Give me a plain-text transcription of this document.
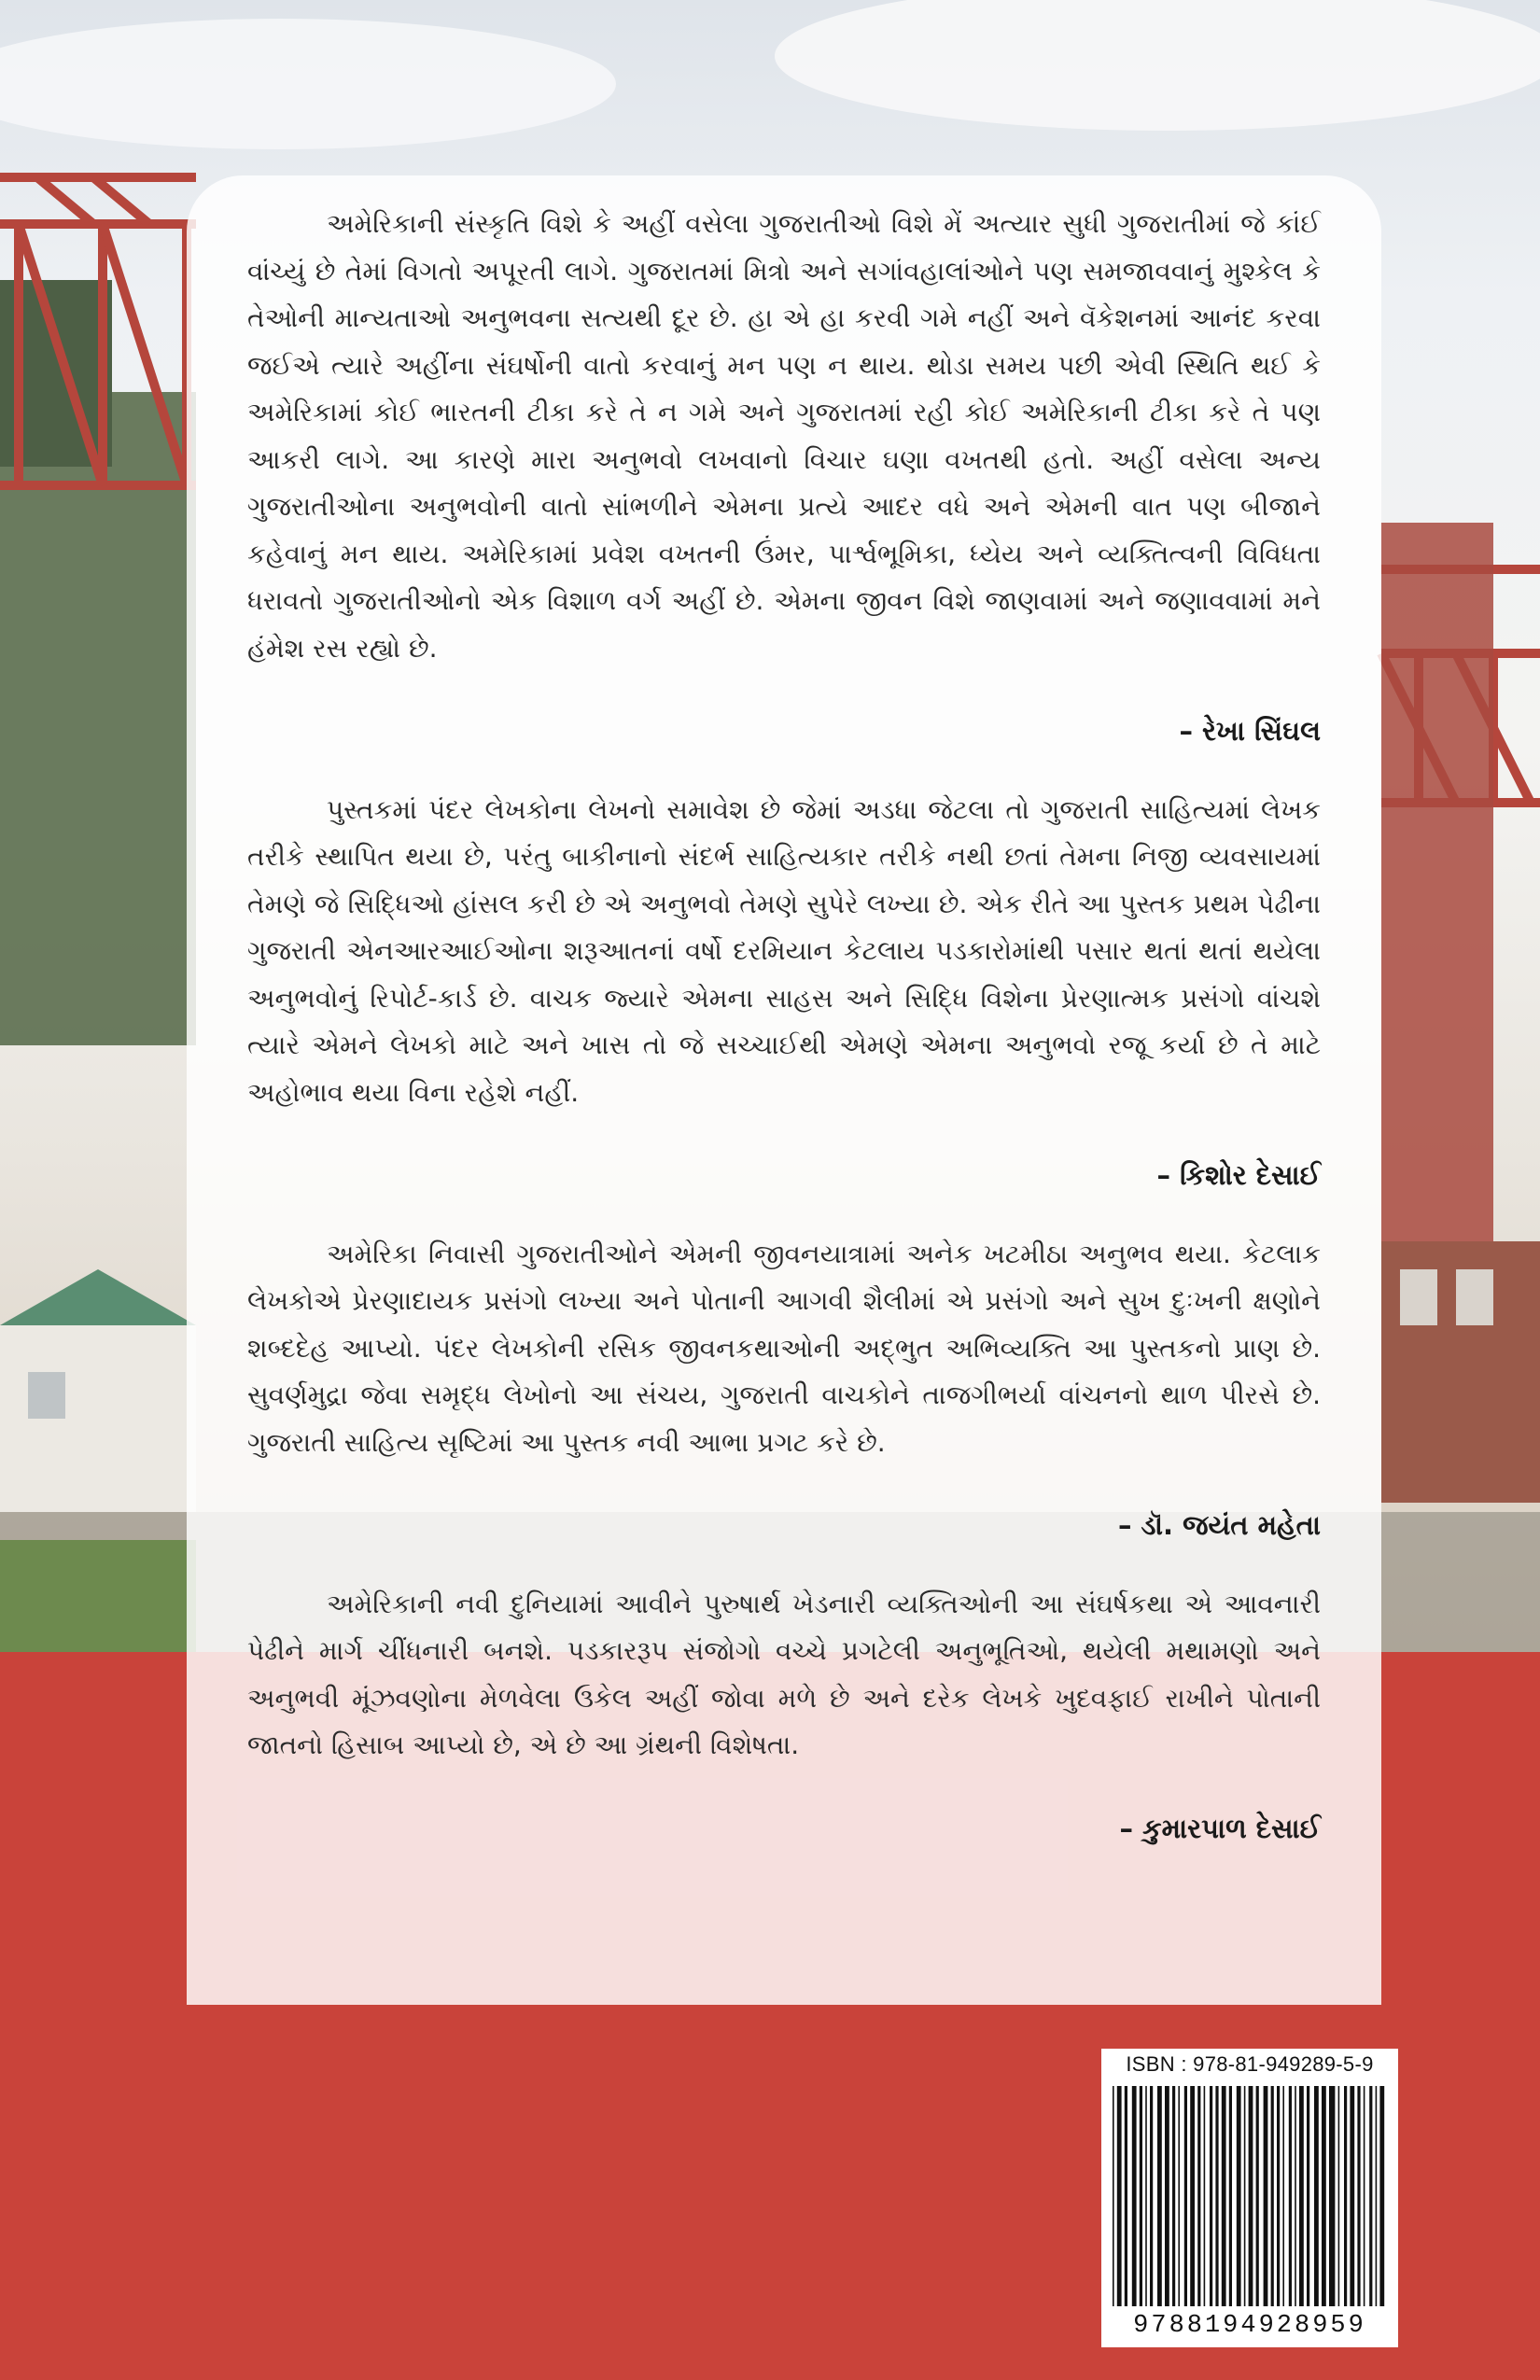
અમેરિકાની સંસ્કૃતિ વિશે કે અહીં વસેલા ગુજરાતીઓ વિશે મેં અત્યાર સુધી ગુજરાતીમાં જે કાંઈ વાંચ્યું છે તેમાં વિગતો અપૂરતી લાગે. ગુજરાતમાં મિત્રો અને સગાંવહાલાંઓને પણ સમજાવવાનું મુશ્કેલ કે તેઓની માન્યતાઓ અનુભવના સત્યથી દૂર છે. હા એ હા કરવી ગમે નહીં અને વૅકેશનમાં આનંદ કરવા જઈએ ત્યારે અહીંના સંઘર્ષોની વાતો કરવાનું મન પણ ન થાય. થોડા સમય પછી એવી સ્થિતિ થઈ કે અમેરિકામાં કોઈ ભારતની ટીકા કરે તે ન ગમે અને ગુજરાતમાં રહી કોઈ અમેરિકાની ટીકા કરે તે પણ આકરી લાગે. આ કારણે મારા અનુભવો લખવાનો વિચાર ઘણા વખતથી હતો. અહીં વસેલા અન્ય ગુજરાતીઓના અનુભવોની વાતો સાંભળીને એમના પ્રત્યે આદર વધે અને એમની વાત પણ બીજાને કહેવાનું મન થાય. અમેરિકામાં પ્રવેશ વખતની ઉંમર, પાર્શ્વભૂમિકા, ધ્યેય અને વ્યક્તિત્વની વિવિધતા ધરાવતો ગુજરાતીઓનો એક વિશાળ વર્ગ અહીં છે. એમના જીવન વિશે જાણવામાં અને જણાવવામાં મને હંમેશ રસ રહ્યો છે.

– રેખા સિંઘલ

પુસ્તકમાં પંદર લેખકોના લેખનો સમાવેશ છે જેમાં અડધા જેટલા તો ગુજરાતી સાહિત્યમાં લેખક તરીકે સ્થાપિત થયા છે, પરંતુ બાકીનાનો સંદર્ભ સાહિત્યકાર તરીકે નથી છતાં તેમના નિજી વ્યવસાયમાં તેમણે જે સિદ્ધિઓ હાંસલ કરી છે એ અનુભવો તેમણે સુપેરે લખ્યા છે. એક રીતે આ પુસ્તક પ્રથમ પેઢીના ગુજરાતી એનઆરઆઈઓના શરૂઆતનાં વર્ષો દરમિયાન કેટલાય પડકારોમાંથી પસાર થતાં થતાં થયેલા અનુભવોનું રિપોર્ટ-કાર્ડ છે. વાચક જ્યારે એમના સાહસ અને સિદ્ધિ વિશેના પ્રેરણાત્મક પ્રસંગો વાંચશે ત્યારે એમને લેખકો માટે અને ખાસ તો જે સચ્ચાઈથી એમણે એમના અનુભવો રજૂ કર્યા છે તે માટે અહોભાવ થયા વિના રહેશે નહીં.

– કિશોર દેસાઈ

અમેરિકા નિવાસી ગુજરાતીઓને એમની જીવનયાત્રામાં અનેક ખટમીઠા અનુભવ થયા. કેટલાક લેખકોએ પ્રેરણાદાયક પ્રસંગો લખ્યા અને પોતાની આગવી શૈલીમાં એ પ્રસંગો અને સુખ દુઃખની ક્ષણોને શબ્દદેહ આપ્યો. પંદર લેખકોની રસિક જીવનકથાઓની અદ્ભુત અભિવ્યક્તિ આ પુસ્તકનો પ્રાણ છે. સુવર્ણમુદ્રા જેવા સમૃદ્ધ લેખોનો આ સંચય, ગુજરાતી વાચકોને તાજગીભર્યા વાંચનનો થાળ પીરસે છે. ગુજરાતી સાહિત્ય સૃષ્ટિમાં આ પુસ્તક નવી આભા પ્રગટ કરે છે.

– ડૉ. જયંત મહેતા

અમેરિકાની નવી દુનિયામાં આવીને પુરુષાર્થ ખેડનારી વ્યક્તિઓની આ સંઘર્ષકથા એ આવનારી પેઢીને માર્ગ ચીંધનારી બનશે. પડકારરૂપ સંજોગો વચ્ચે પ્રગટેલી અનુભૂતિઓ, થયેલી મથામણો અને અનુભવી મૂંઝવણોના મેળવેલા ઉકેલ અહીં જોવા મળે છે અને દરેક લેખકે ખુદવફાઈ રાખીને પોતાની જાતનો હિસાબ આપ્યો છે, એ છે આ ગ્રંથની વિશેષતા.

– કુમારપાળ દેસાઈ
ISBN : 978-81-949289-5-9
9788194928959
